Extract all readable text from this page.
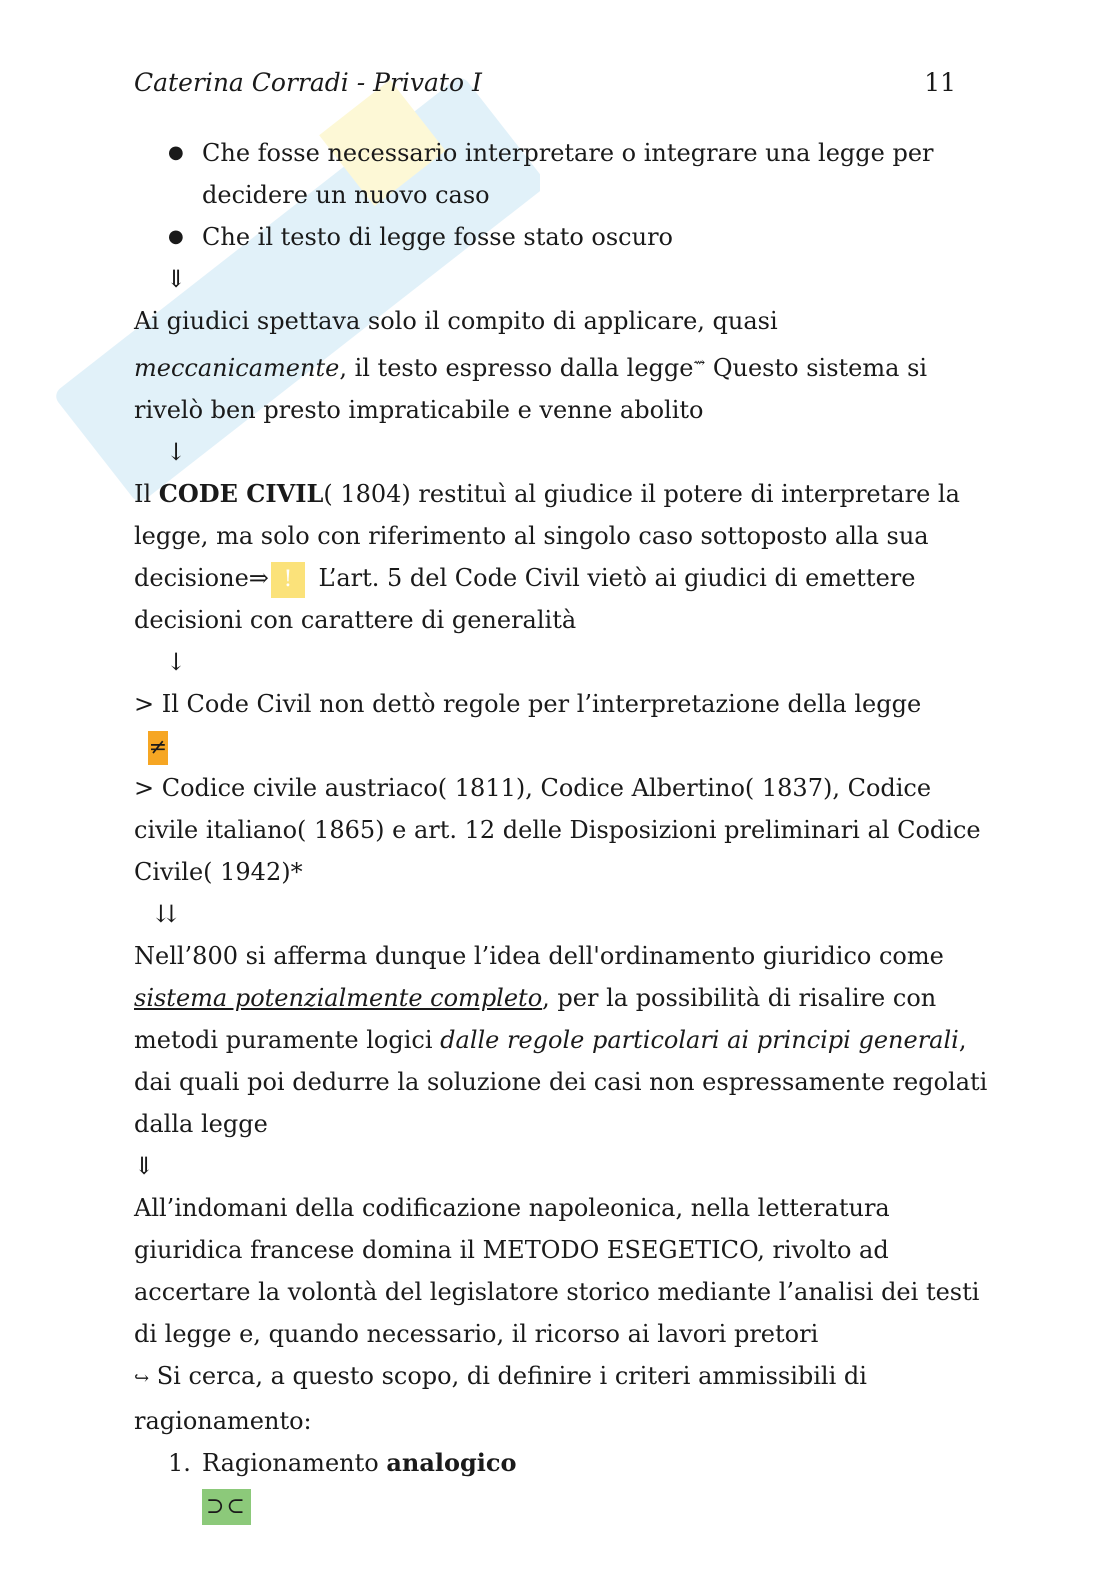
Caterina Corradi - Privato I	11

● Che fosse necessario interpretare o integrare una legge per decidere un nuovo caso

● Che il testo di legge fosse stato oscuro

⇓

Ai giudici spettava solo il compito di applicare, quasi meccanicamente, il testo espresso dalla legge⇝ Questo sistema si rivelò ben presto impraticabile e venne abolito

↓

Il CODE CIVIL( 1804) restituì al giudice il potere di interpretare la legge, ma solo con riferimento al singolo caso sottoposto alla sua decisione⇒ ! L’art. 5 del Code Civil vietò ai giudici di emettere decisioni con carattere di generalità

↓

> Il Code Civil non dettò regole per l’interpretazione della legge

≠

> Codice civile austriaco( 1811), Codice Albertino( 1837), Codice civile italiano( 1865) e art. 12 delle Disposizioni preliminari al Codice Civile( 1942)*

⇊

Nell’800 si afferma dunque l’idea dell'ordinamento giuridico come sistema potenzialmente completo, per la possibilità di risalire con metodi puramente logici dalle regole particolari ai principi generali, dai quali poi dedurre la soluzione dei casi non espressamente regolati dalla legge

⇓

All’indomani della codificazione napoleonica, nella letteratura giuridica francese domina il METODO ESEGETICO, rivolto ad accertare la volontà del legislatore storico mediante l’analisi dei testi di legge e, quando necessario, il ricorso ai lavori pretori

↪ Si cerca, a questo scopo, di definire i criteri ammissibili di ragionamento:

1. Ragionamento analogico

⊃⊂
